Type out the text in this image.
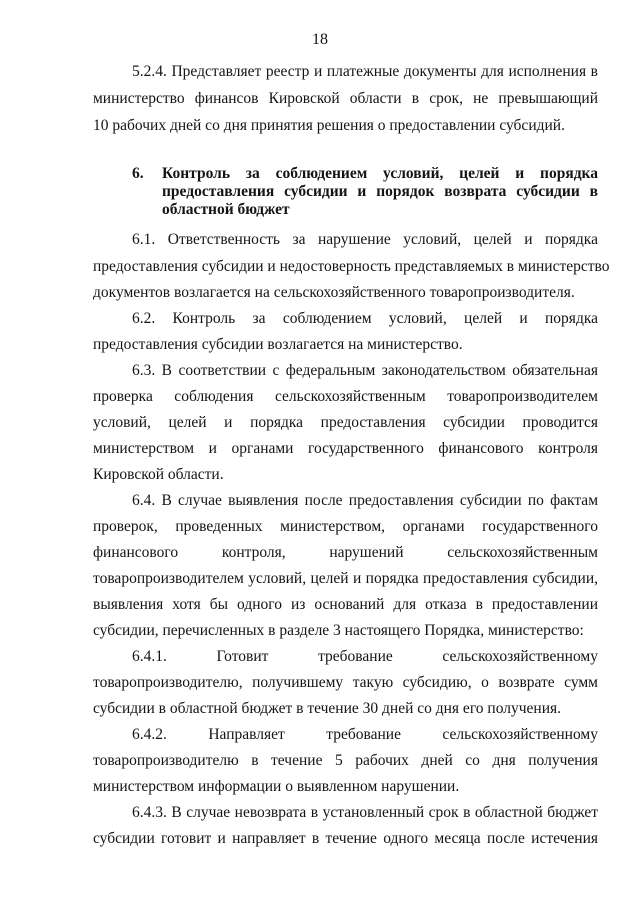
18
5.2.4. Представляет реестр и платежные документы для исполнения в
министерство финансов Кировской области в срок, не превышающий
10 рабочих дней со дня принятия решения о предоставлении субсидий.
6. Контроль за соблюдением условий, целей и порядка
предоставления субсидии и порядок возврата субсидии в
областной бюджет
6.1. Ответственность за нарушение условий, целей и порядка
предоставления субсидии и недостоверность представляемых в министерство
документов возлагается на сельскохозяйственного товаропроизводителя.
6.2. Контроль за соблюдением условий, целей и порядка
предоставления субсидии возлагается на министерство.
6.3. В соответствии с федеральным законодательством обязательная
проверка соблюдения сельскохозяйственным товаропроизводителем
условий, целей и порядка предоставления субсидии проводится
министерством и органами государственного финансового контроля
Кировской области.
6.4. В случае выявления после предоставления субсидии по фактам
проверок, проведенных министерством, органами государственного
финансового контроля, нарушений сельскохозяйственным
товаропроизводителем условий, целей и порядка предоставления субсидии,
выявления хотя бы одного из оснований для отказа в предоставлении
субсидии, перечисленных в разделе 3 настоящего Порядка, министерство:
6.4.1. Готовит требование сельскохозяйственному
товаропроизводителю, получившему такую субсидию, о возврате сумм
субсидии в областной бюджет в течение 30 дней со дня его получения.
6.4.2. Направляет требование сельскохозяйственному
товаропроизводителю в течение 5 рабочих дней со дня получения
министерством информации о выявленном нарушении.
6.4.3. В случае невозврата в установленный срок в областной бюджет
субсидии готовит и направляет в течение одного месяца после истечения
